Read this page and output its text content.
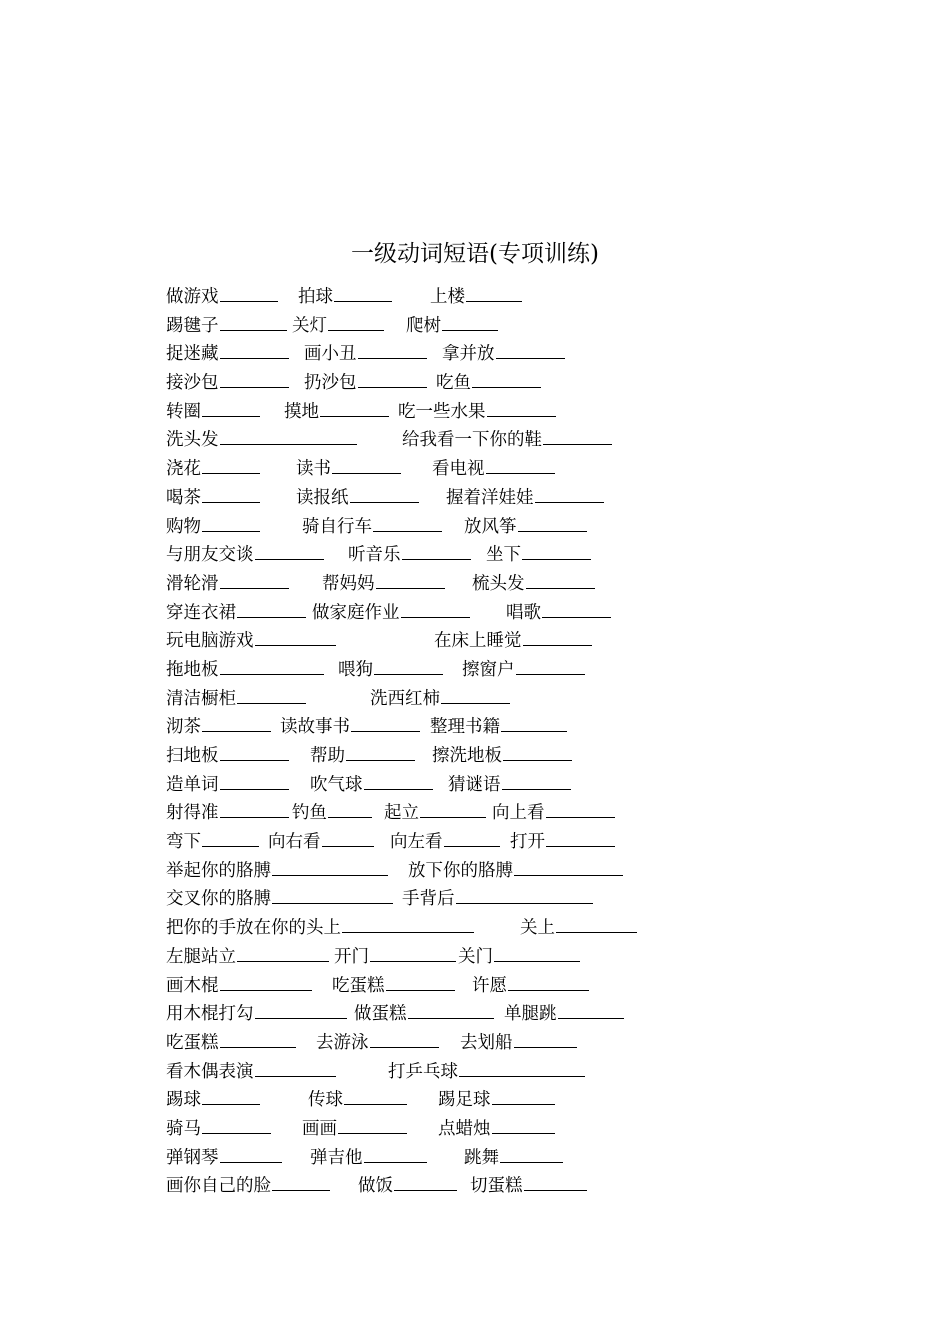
一级动词短语(专项训练)
做游戏	拍球	上楼
踢毽子	关灯	爬树
捉迷藏	画小丑	拿并放
接沙包	扔沙包	吃鱼
转圈	摸地	吃一些水果
洗头发	给我看一下你的鞋
浇花	读书	看电视
喝茶	读报纸	握着洋娃娃
购物	骑自行车	放风筝
与朋友交谈	听音乐	坐下
滑轮滑	帮妈妈	梳头发
穿连衣裙	做家庭作业	唱歌
玩电脑游戏	在床上睡觉
拖地板	喂狗	擦窗户
清洁橱柜	洗西红柿
沏茶	读故事书	整理书籍
扫地板	帮助	擦洗地板
造单词	吹气球	猜谜语
射得准	钓鱼	起立	向上看
弯下	向右看	向左看	打开
举起你的胳膊	放下你的胳膊
交叉你的胳膊	手背后
把你的手放在你的头上	关上
左腿站立	开门	关门
画木棍	吃蛋糕	许愿
用木棍打勾	做蛋糕	单腿跳
吃蛋糕	去游泳	去划船
看木偶表演	打乒乓球
踢球	传球	踢足球
骑马	画画	点蜡烛
弹钢琴	弹吉他	跳舞
画你自己的脸	做饭	切蛋糕
